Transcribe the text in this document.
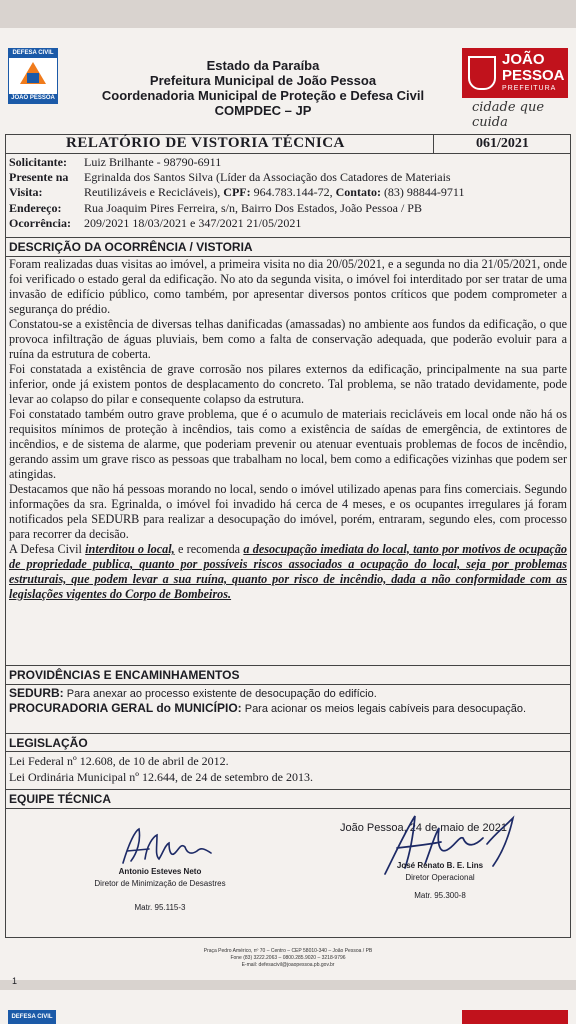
DEFESA CIVIL
JOÃO PESSOA
Estado da Paraíba
Prefeitura Municipal de João Pessoa
Coordenadoria Municipal de Proteção e Defesa Civil
COMPDEC – JP
JOÃO
PESSOA
PREFEITURA
cidade que cuida
RELATÓRIO DE VISTORIA TÉCNICA	061/2021
Solicitante: Luiz Brilhante - 98790-6911
Presente na Egrinalda dos Santos Silva (Líder da Associação dos Catadores de Materiais
Visita:	Reutilizáveis e Recicláveis), CPF: 964.783.144-72, Contato: (83) 98844-9711
Endereço: Rua Joaquim Pires Ferreira, s/n, Bairro Dos Estados, João Pessoa / PB
Ocorrência: 209/2021 18/03/2021 e 347/2021 21/05/2021
DESCRIÇÃO DA OCORRÊNCIA / VISTORIA

Foram realizadas duas visitas ao imóvel, a primeira visita no dia 20/05/2021, e a segunda no dia 21/05/2021, onde foi verificado o estado geral da edificação. No ato da segunda visita, o imóvel foi interditado por ser tratar de uma invasão de edifício público, como também, por apresentar diversos pontos críticos que podem comprometer a segurança do prédio.

Constatou-se a existência de diversas telhas danificadas (amassadas) no ambiente aos fundos da edificação, o que provoca infiltração de águas pluviais, bem como a falta de conservação adequada, que poderão evoluir para a ruína da estrutura de coberta.

Foi constatada a existência de grave corrosão nos pilares externos da edificação, principalmente na sua parte inferior, onde já existem pontos de desplacamento do concreto. Tal problema, se não tratado devidamente, pode levar ao colapso do pilar e consequente colapso da estrutura.

Foi constatado também outro grave problema, que é o acumulo de materiais recicláveis em local onde não há os requisitos mínimos de proteção à incêndios, tais como a existência de saídas de emergência, de extintores de incêndios, e de sistema de alarme, que poderiam prevenir ou atenuar eventuais problemas de focos de incêndio, gerando assim um grave risco as pessoas que trabalham no local, bem como a edificações vizinhas que podem ser atingidas.

Destacamos que não há pessoas morando no local, sendo o imóvel utilizado apenas para fins comerciais. Segundo informações da sra. Egrinalda, o imóvel foi invadido há cerca de 4 meses, e os ocupantes irregulares já foram notificados pela SEDURB para realizar a desocupação do imóvel, porém, entraram, segundo eles, com processo para recorrer da decisão.

A Defesa Civil interditou o local, e recomenda a desocupação imediata do local, tanto por motivos de ocupação de propriedade publica, quanto por possíveis riscos associados a ocupação do local, seja por problemas estruturais, que podem levar a sua ruína, quanto por risco de incêndio, dada a não conformidade com as legislações vigentes do Corpo de Bombeiros.

PROVIDÊNCIAS E ENCAMINHAMENTOS
SEDURB: Para anexar ao processo existente de desocupação do edifício.
PROCURADORIA GERAL do MUNICÍPIO: Para acionar os meios legais cabíveis para desocupação.
LEGISLAÇÃO
Lei Federal nº 12.608, de 10 de abril de 2012.
Lei Ordinária Municipal nº 12.644, de 24 de setembro de 2013.
EQUIPE TÉCNICA
João Pessoa, 24 de maio de 2021
Antonio Esteves Neto
Diretor de Minimização de Desastres
Matr. 95.115-3
José Renato B. E. Lins
Diretor Operacional
Matr. 95.300-8
Praça Pedro Américo, nº 70 – Centro – CEP 58010-340 – João Pessoa / PB
Fone (83) 3222.2063 – 0800.285.9020 – 3218-9796
E-mail: defesacivil@joaopessoa.pb.gov.br
1
DEFESA CIVIL
